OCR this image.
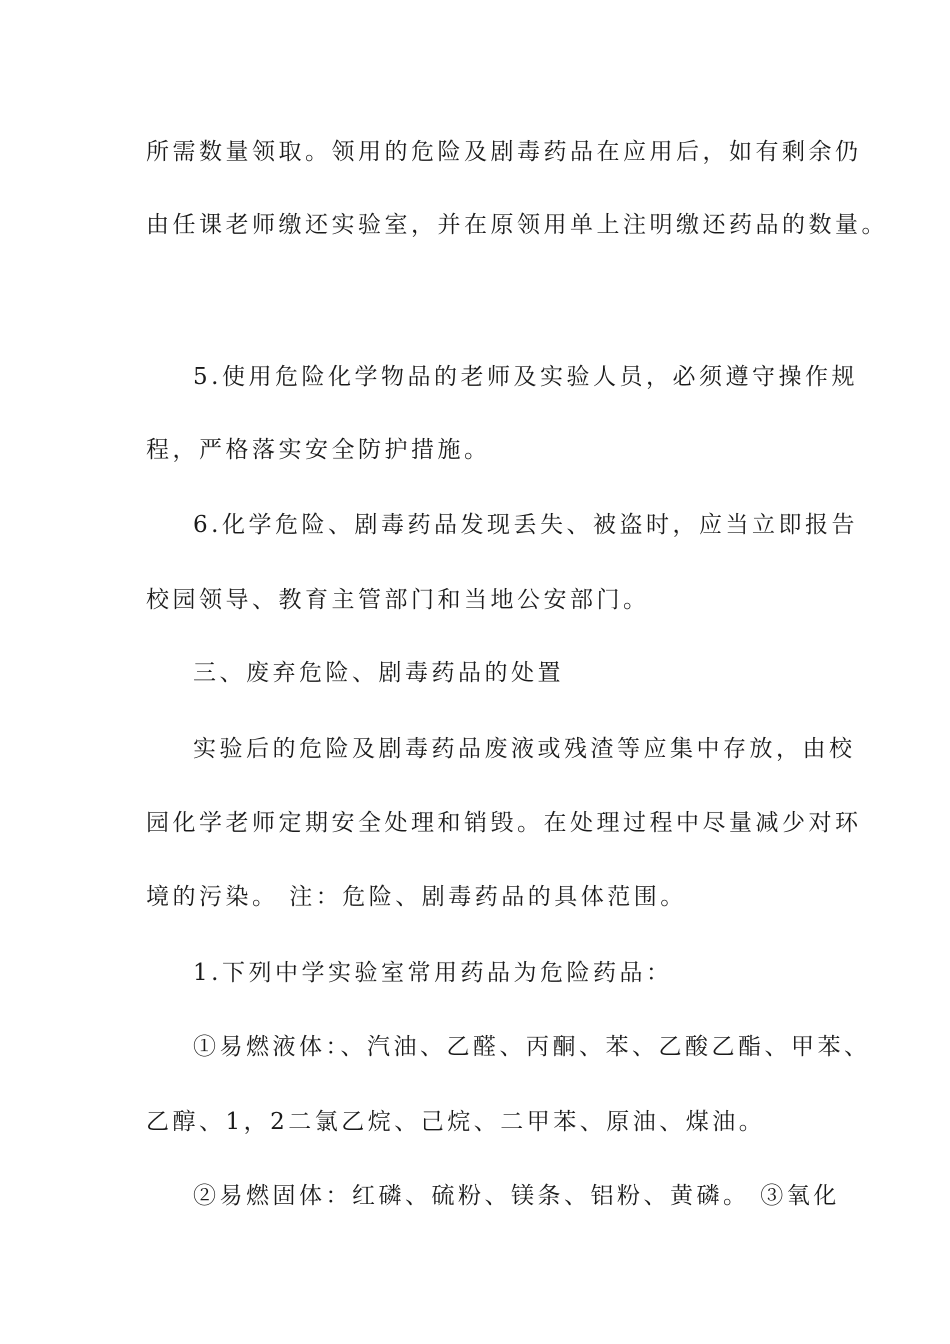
所需数量领取。领用的危险及剧毒药品在应用后，如有剩余仍
由任课老师缴还实验室，并在原领用单上注明缴还药品的数量。
5.使用危险化学物品的老师及实验人员，必须遵守操作规
程，严格落实安全防护措施。
6.化学危险、剧毒药品发现丢失、被盗时，应当立即报告
校园领导、教育主管部门和当地公安部门。
三、废弃危险、剧毒药品的处置
实验后的危险及剧毒药品废液或残渣等应集中存放，由校
园化学老师定期安全处理和销毁。在处理过程中尽量减少对环
境的污染。 注：危险、剧毒药品的具体范围。
1.下列中学实验室常用药品为危险药品：
①易燃液体：、汽油、乙醛、丙酮、苯、乙酸乙酯、甲苯、
乙醇、1，2二氯乙烷、己烷、二甲苯、原油、煤油。
②易燃固体：红磷、硫粉、镁条、铝粉、黄磷。 ③氧化
